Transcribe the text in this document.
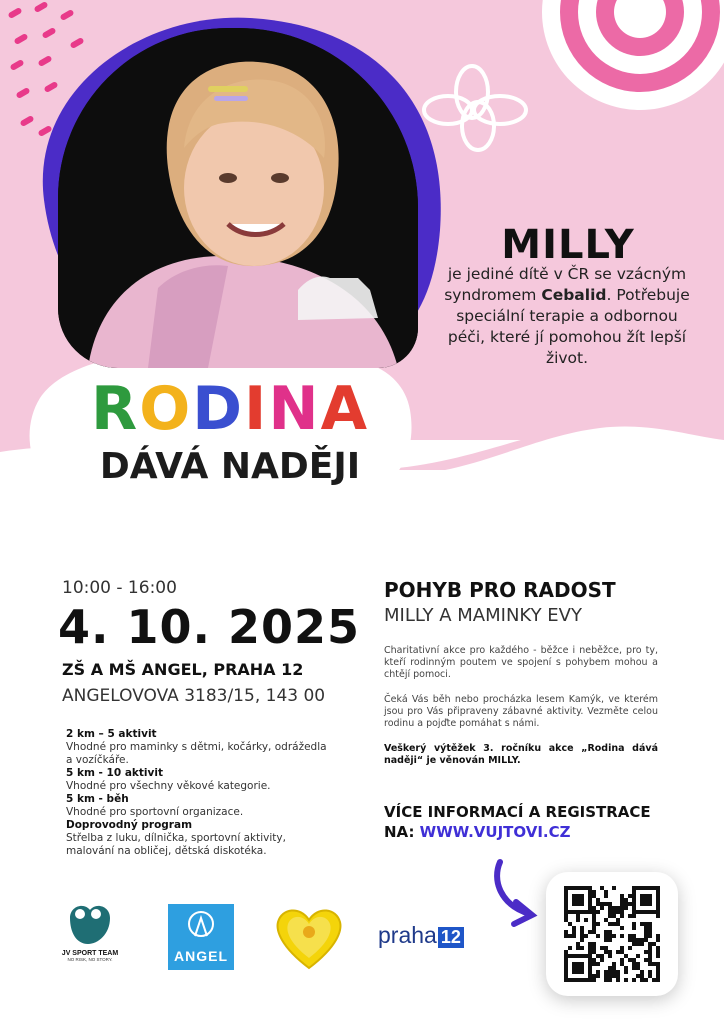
MILLY
je jediné dítě v ČR se vzácným syndromem Cebalid. Potřebuje speciální terapie a odbornou péči, které jí pomohou žít lepší život.
RODINA
DÁVÁ NADĚJI
10:00 - 16:00
4. 10. 2025
ZŠ A MŠ ANGEL, PRAHA 12
ANGELOVOVA 3183/15, 143 00
2 km – 5 aktivit
Vhodné pro maminky s dětmi, kočárky, odrážedla a vozíčkáře.
5 km - 10 aktivit
Vhodné pro všechny věkové kategorie.
5 km - běh
Vhodné pro sportovní organizace.
Doprovodný program
Střelba z luku, dílnička, sportovní aktivity, malování na obličej, dětská diskotéka.
POHYB PRO RADOST
MILLY A MAMINKY EVY
Charitativní akce pro každého - běžce i neběžce, pro ty, kteří rodinným poutem ve spojení s pohybem mohou a chtějí pomoci.
Čeká Vás běh nebo procházka lesem Kamýk, ve kterém jsou pro Vás připraveny zábavné aktivity. Vezměte celou rodinu a pojďte pomáhat s námi.
Veškerý výtěžek 3. ročníku akce „Rodina dává naději“ je věnován MILLY.
VÍCE INFORMACÍ A REGISTRACE
NA: WWW.VUJTOVI.CZ
JV SPORT TEAM
NO RISK, NO STORY.	ANGEL
praha 12
